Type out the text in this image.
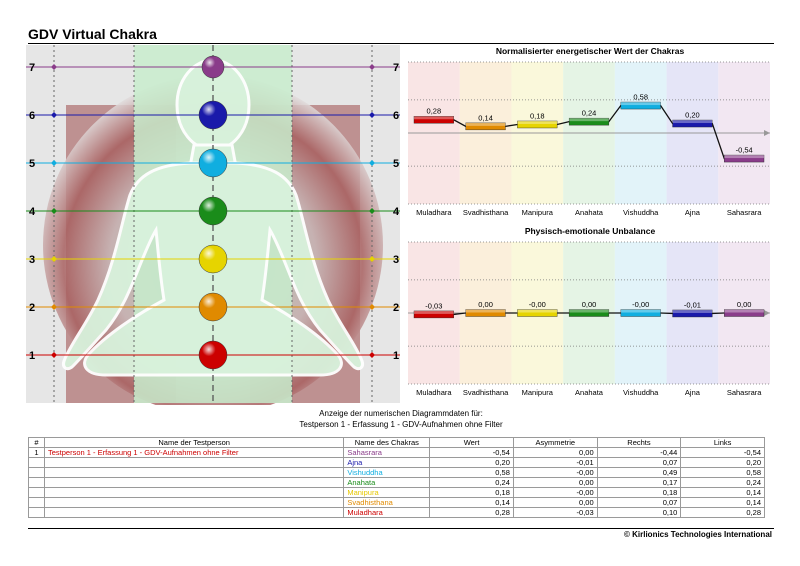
GDV Virtual Chakra
1	1
2	2
3	3
4	4
5	5
6	6
7	7
Normalisierter energetischer Wert der Chakras
Physisch-emotionale Unbalance
0,28
Muladhara
0,14
Svadhisthana
0,18
Manipura
0,24
Anahata
0,58
Vishuddha
0,20
Ajna
-0,54
Sahasrara
-0,03
Muladhara
0,00
Svadhisthana
-0,00
Manipura
0,00
Anahata
-0,00
Vishuddha
-0,01
Ajna
0,00
Sahasrara
Anzeige der numerischen Diagrammdaten für:
Testperson 1 - Erfassung 1 - GDV-Aufnahmen ohne Filter
#	Name der Testperson	Name des Chakras	Wert	Asymmetrie	Rechts	Links
1	Testperson 1 - Erfassung 1 - GDV-Aufnahmen ohne Filter	Sahasrara	-0,54	0,00	-0,44	-0,54
		Ajna	0,20	-0,01	0,07	0,20
		Vishuddha	0,58	-0,00	0,49	0,58
		Anahata	0,24	0,00	0,17	0,24
		Manipura	0,18	-0,00	0,18	0,14
		Svadhisthana	0,14	0,00	0,07	0,14
		Muladhara	0,28	-0,03	0,10	0,28
© Kirlionics Technologies International
